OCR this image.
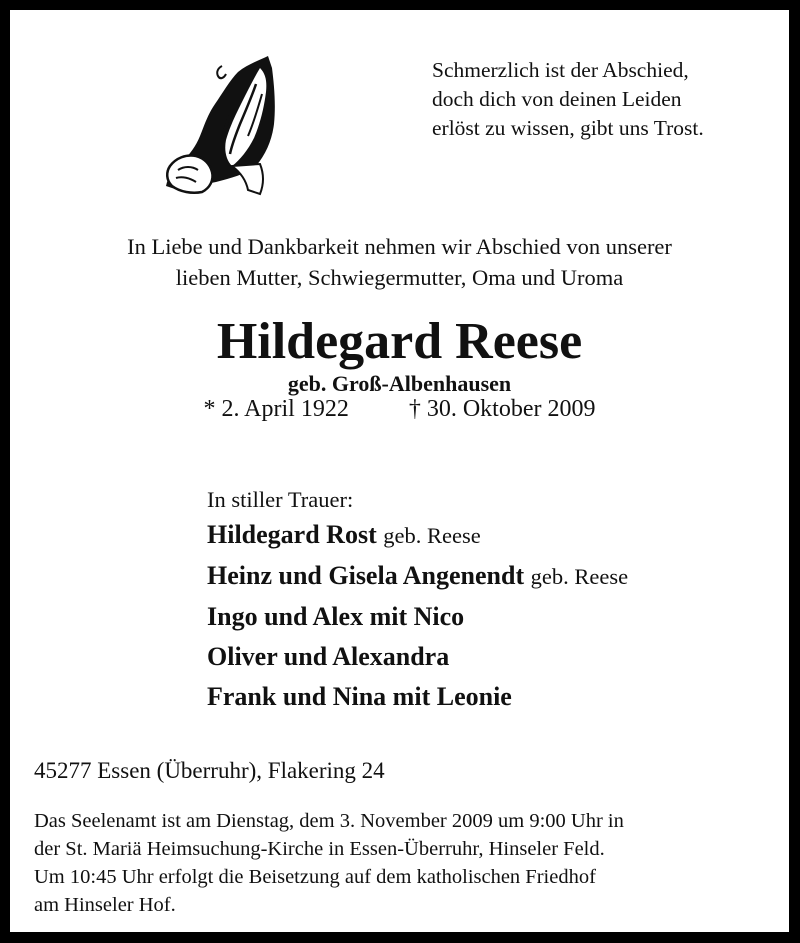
Schmerzlich ist der Abschied,
doch dich von deinen Leiden
erlöst zu wissen, gibt uns Trost.
In Liebe und Dankbarkeit nehmen wir Abschied von unserer
lieben Mutter, Schwiegermutter, Oma und Uroma
Hildegard Reese
geb. Groß-Albenhausen
* 2. April 1922	† 30. Oktober 2009
In stiller Trauer:
Hildegard Rost geb. Reese
Heinz und Gisela Angenendt geb. Reese
Ingo und Alex mit Nico
Oliver und Alexandra
Frank und Nina mit Leonie
45277 Essen (Überruhr), Flakering 24
Das Seelenamt ist am Dienstag, dem 3. November 2009 um 9:00 Uhr in
der St. Mariä Heimsuchung-Kirche in Essen-Überruhr, Hinseler Feld.
Um 10:45 Uhr erfolgt die Beisetzung auf dem katholischen Friedhof
am Hinseler Hof.
